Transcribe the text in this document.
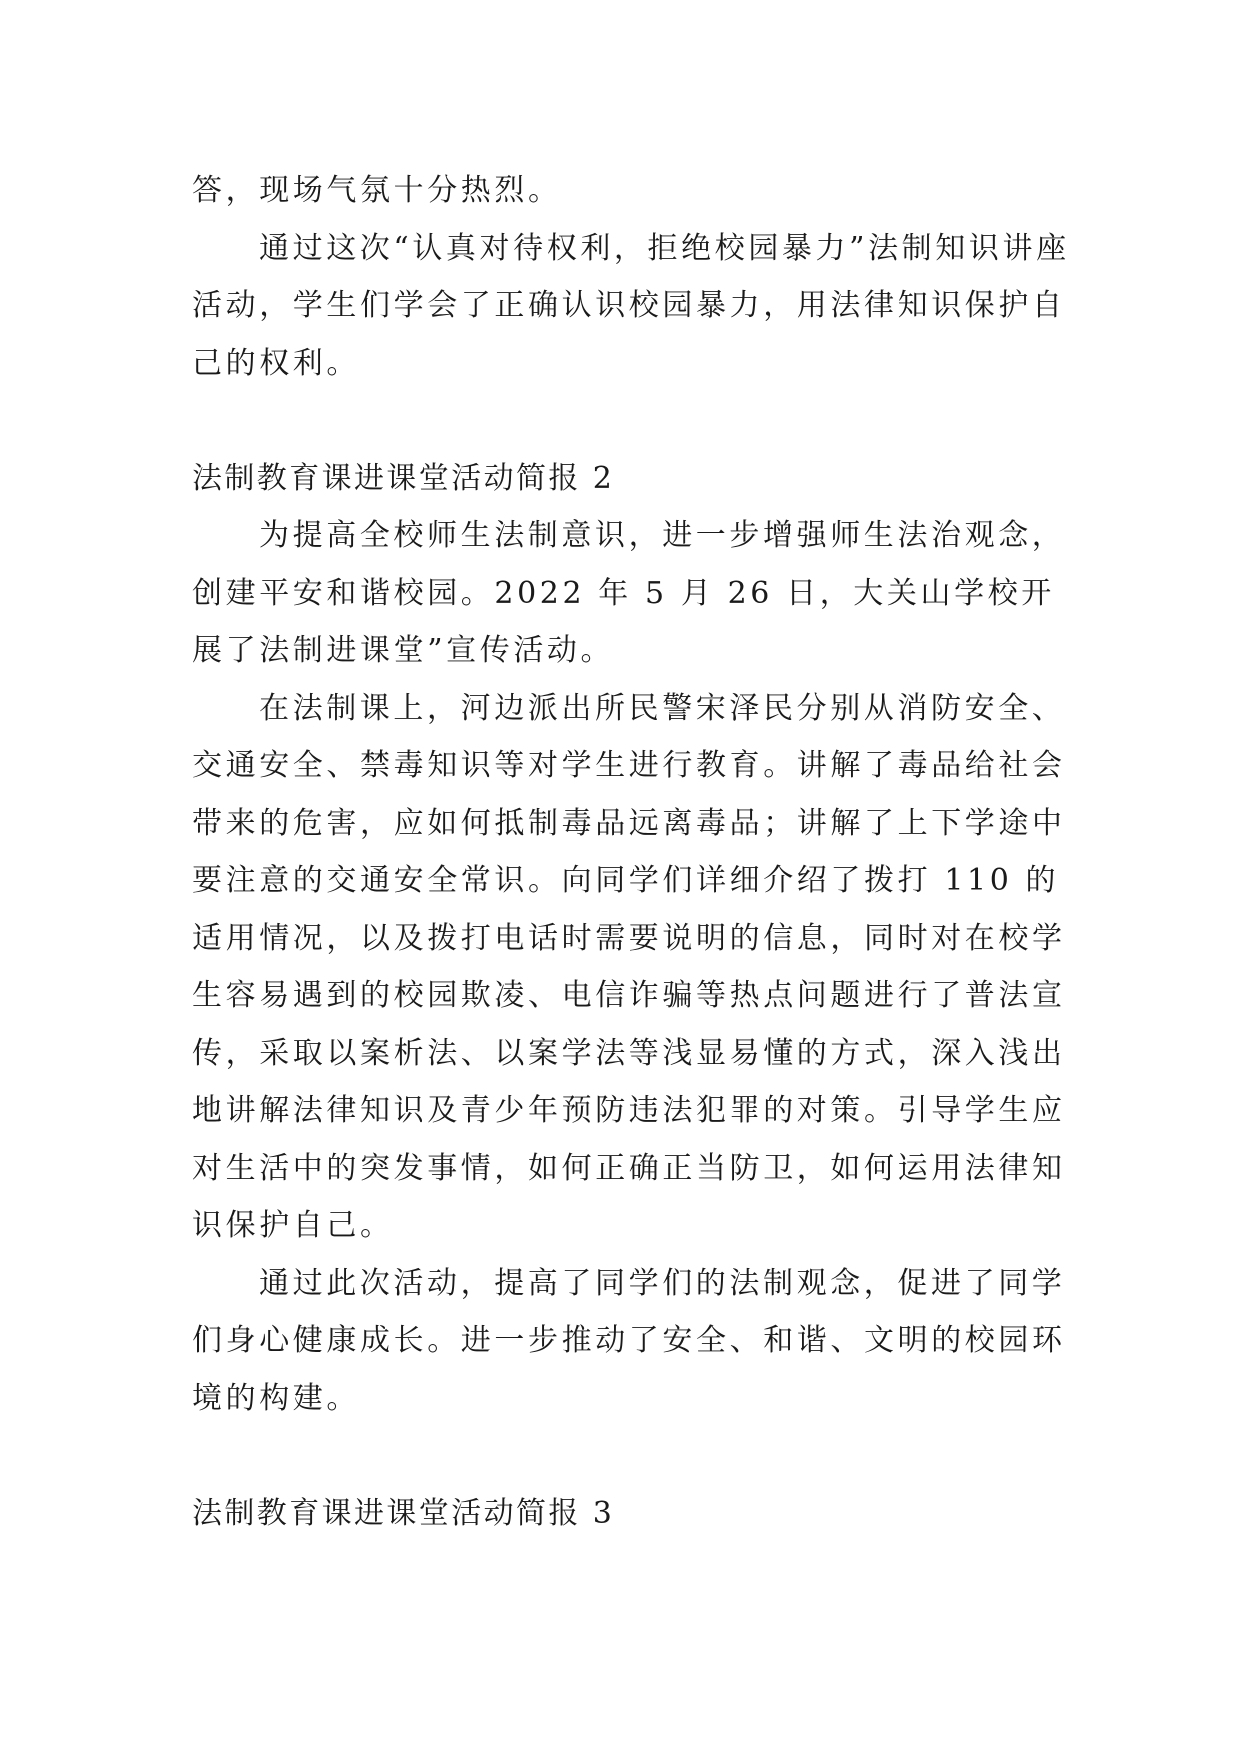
答，现场气氛十分热烈。

通过这次“认真对待权利，拒绝校园暴力”法制知识讲座活动，学生们学会了正确认识校园暴力，用法律知识保护自己的权利。

法制教育课进课堂活动简报 2

为提高全校师生法制意识，进一步增强师生法治观念，创建平安和谐校园。2022 年 5 月 26 日，大关山学校开展了法制进课堂”宣传活动。

在法制课上，河边派出所民警宋泽民分别从消防安全、交通安全、禁毒知识等对学生进行教育。讲解了毒品给社会带来的危害，应如何抵制毒品远离毒品；讲解了上下学途中要注意的交通安全常识。向同学们详细介绍了拨打 110 的适用情况，以及拨打电话时需要说明的信息，同时对在校学生容易遇到的校园欺凌、电信诈骗等热点问题进行了普法宣传，采取以案析法、以案学法等浅显易懂的方式，深入浅出地讲解法律知识及青少年预防违法犯罪的对策。引导学生应对生活中的突发事情，如何正确正当防卫，如何运用法律知识保护自己。

通过此次活动，提高了同学们的法制观念，促进了同学们身心健康成长。进一步推动了安全、和谐、文明的校园环境的构建。

法制教育课进课堂活动简报 3
